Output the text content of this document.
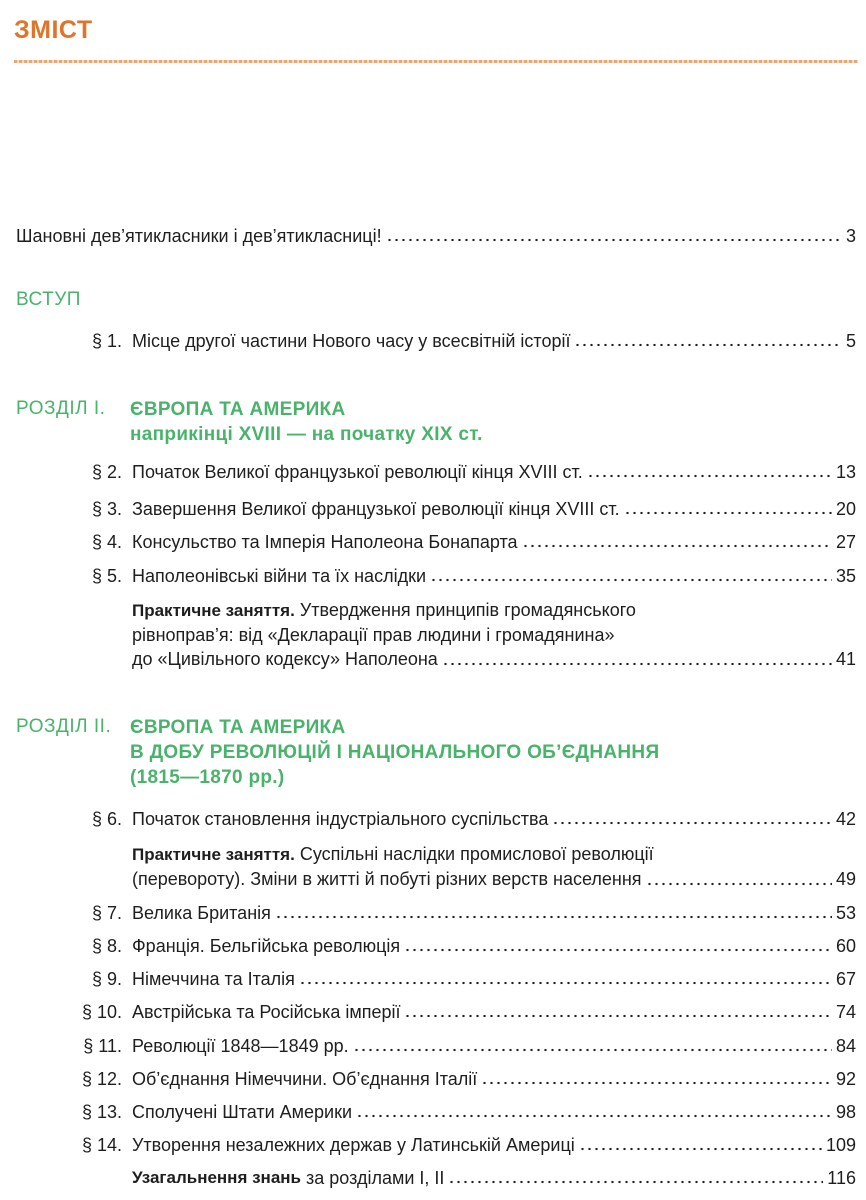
ЗМІСТ
Шановні дев’ятикласники і дев’ятикласниці!	3
ВСТУП
§ 1. Місце другої частини Нового часу у всесвітній історії	5
РОЗДІЛ I. ЄВРОПА ТА АМЕРИКА
наприкінці XVIII — на початку XIX ст.
§ 2. Початок Великої французької революції кінця XVIII ст.	13
§ 3. Завершення Великої французької революції кінця XVIII ст.	20
§ 4. Консульство та Імперія Наполеона Бонапарта	27
§ 5. Наполеонівські війни та їх наслідки	35
Практичне заняття. Утвердження принципів громадянського
рівноправ’я: від «Декларації прав людини і громадянина»
до «Цивільного кодексу» Наполеона	41
РОЗДІЛ II. ЄВРОПА ТА АМЕРИКА
В ДОБУ РЕВОЛЮЦІЙ І НАЦІОНАЛЬНОГО ОБ’ЄДНАННЯ
(1815—1870 рр.)
§ 6. Початок становлення індустріального суспільства	42
Практичне заняття. Суспільні наслідки промислової революції
(перевороту). Зміни в житті й побуті різних верств населення	49
§ 7. Велика Британія	53
§ 8. Франція. Бельгійська революція	60
§ 9. Німеччина та Італія	67
§ 10. Австрійська та Російська імперії	74
§ 11. Революції 1848—1849 рр.	84
§ 12. Об’єднання Німеччини. Об’єднання Італії	92
§ 13. Сполучені Штати Америки	98
§ 14. Утворення незалежних держав у Латинській Америці	109
Узагальнення знань за розділами I, II	116
